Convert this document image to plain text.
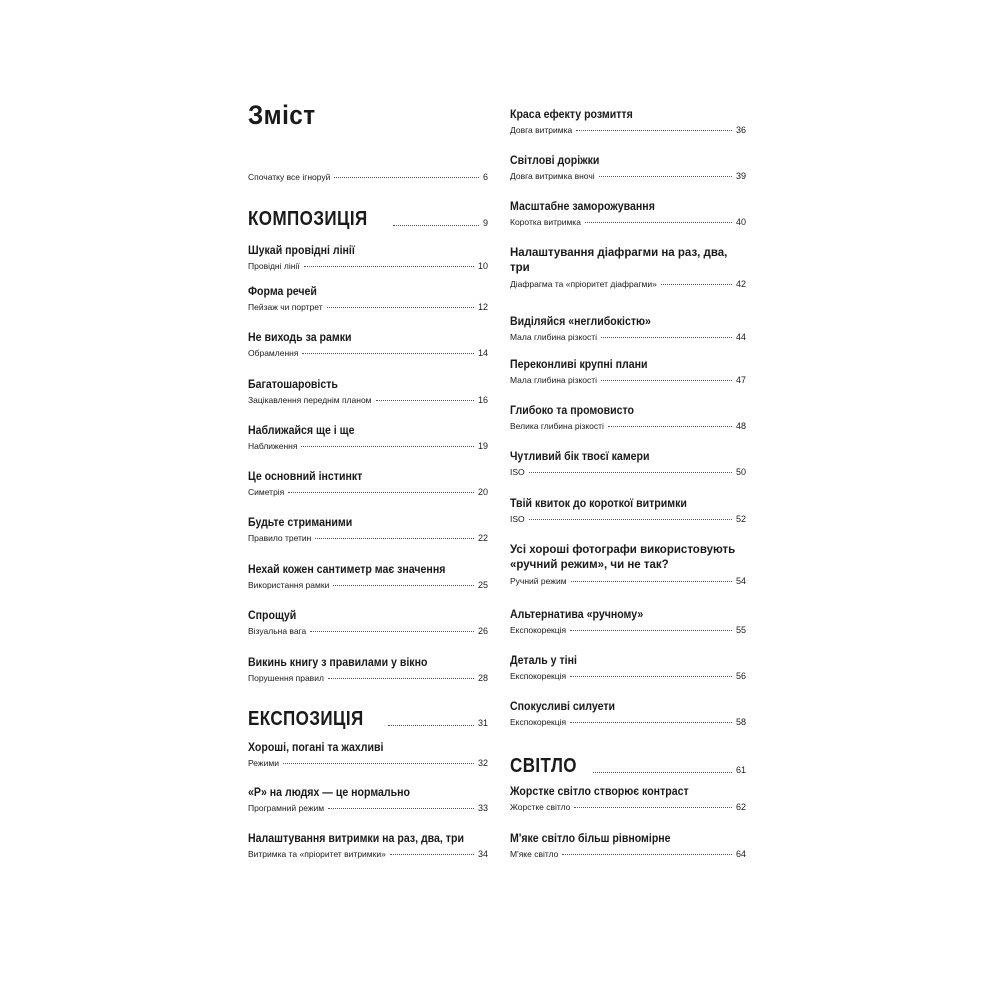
Зміст
Спочатку все ігноруй	6
КОМПОЗИЦІЯ	9
Шукай провідні лінії
Провідні лінії	10
Форма речей
Пейзаж чи портрет	12
Не виходь за рамки
Обрамлення	14
Багатошаровість
Зацікавлення переднім планом	16
Наближайся ще і ще
Наближення	19
Це основний інстинкт
Симетрія	20
Будьте стриманими
Правило третин	22
Нехай кожен сантиметр має значення
Використання рамки	25
Спрощуй
Візуальна вага	26
Викинь книгу з правилами у вікно
Порушення правил	28
ЕКСПОЗИЦІЯ	31
Хороші, погані та жахливі
Режими	32
«P» на людях — це нормально
Програмний режим	33
Налаштування витримки на раз, два, три
Витримка та «пріоритет витримки»	34
Краса ефекту розмиття
Довга витримка	36
Світлові доріжки
Довга витримка вночі	39
Масштабне заморожування
Коротка витримка	40
Налаштування діафрагми на раз, два, три
Діафрагма та «пріоритет діафрагми»	42
Виділяйся «неглибокістю»
Мала глибина різкості	44
Переконливі крупні плани
Мала глибина різкості	47
Глибоко та промовисто
Велика глибина різкості	48
Чутливий бік твоєї камери
ISO	50
Твій квиток до короткої витримки
ISO	52
Усі хороші фотографи використовують «ручний режим», чи не так?
Ручний режим	54
Альтернатива «ручному»
Експокорекція	55
Деталь у тіні
Експокорекція	56
Спокусливі силуети
Експокорекція	58
СВІТЛО	61
Жорстке світло створює контраст
Жорстке світло	62
М'яке світло більш рівномірне
М'яке світло	64
